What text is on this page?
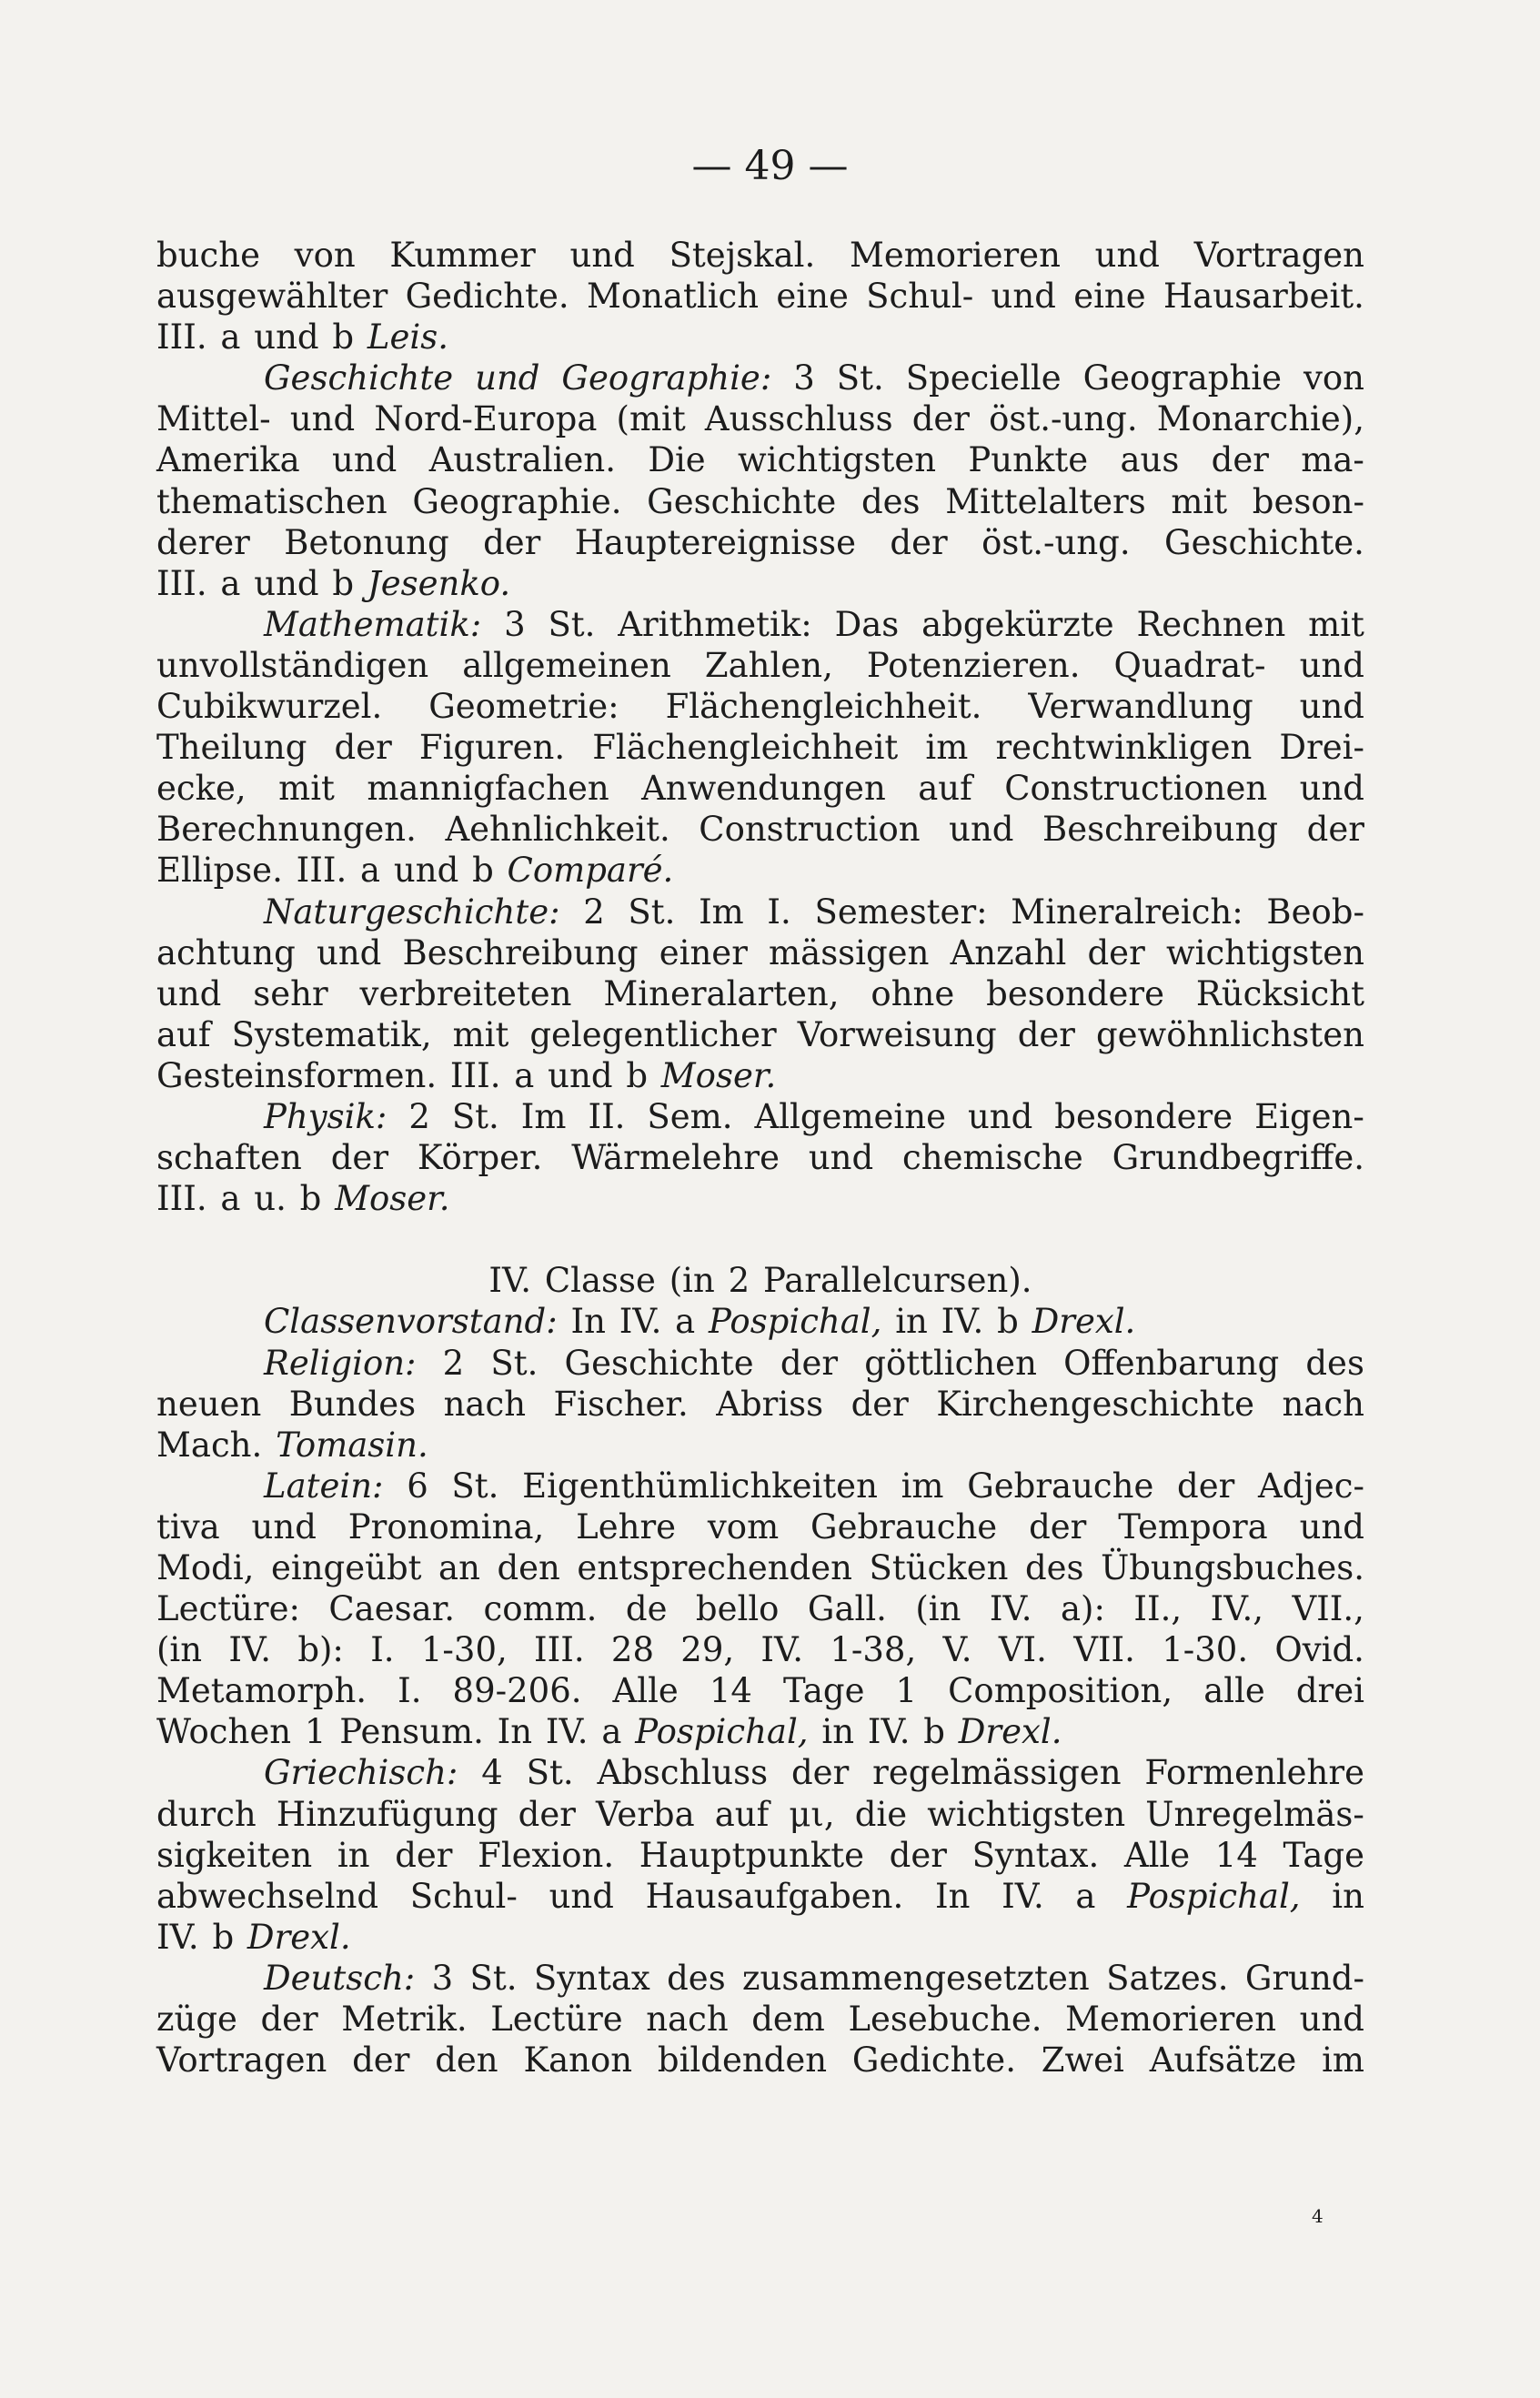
— 49 —
buche von Kummer und Stejskal. Memorieren und Vortragen
ausgewählter Gedichte. Monatlich eine Schul- und eine Hausarbeit.
III. a und b Leis.
Geschichte und Geographie: 3 St. Specielle Geographie von
Mittel- und Nord-Europa (mit Ausschluss der öst.-ung. Monarchie),
Amerika und Australien. Die wichtigsten Punkte aus der ma-
thematischen Geographie. Geschichte des Mittelalters mit beson-
derer Betonung der Hauptereignisse der öst.-ung. Geschichte.
III. a und b Jesenko.
Mathematik: 3 St. Arithmetik: Das abgekürzte Rechnen mit
unvollständigen allgemeinen Zahlen, Potenzieren. Quadrat- und
Cubikwurzel. Geometrie: Flächengleichheit. Verwandlung und
Theilung der Figuren. Flächengleichheit im rechtwinkligen Drei-
ecke, mit mannigfachen Anwendungen auf Constructionen und
Berechnungen. Aehnlichkeit. Construction und Beschreibung der
Ellipse. III. a und b Comparé.
Naturgeschichte: 2 St. Im I. Semester: Mineralreich: Beob-
achtung und Beschreibung einer mässigen Anzahl der wichtigsten
und sehr verbreiteten Mineralarten, ohne besondere Rücksicht
auf Systematik, mit gelegentlicher Vorweisung der gewöhnlichsten
Gesteinsformen. III. a und b Moser.
Physik: 2 St. Im II. Sem. Allgemeine und besondere Eigen-
schaften der Körper. Wärmelehre und chemische Grundbegriffe.
III. a u. b Moser.
IV. Classe (in 2 Parallelcursen).
Classenvorstand: In IV. a Pospichal, in IV. b Drexl.
Religion: 2 St. Geschichte der göttlichen Offenbarung des
neuen Bundes nach Fischer. Abriss der Kirchengeschichte nach
Mach. Tomasin.
Latein: 6 St. Eigenthümlichkeiten im Gebrauche der Adjec-
tiva und Pronomina, Lehre vom Gebrauche der Tempora und
Modi, eingeübt an den entsprechenden Stücken des Übungsbuches.
Lectüre: Caesar. comm. de bello Gall. (in IV. a): II., IV., VII.,
(in IV. b): I. 1-30, III. 28 29, IV. 1-38, V. VI. VII. 1-30. Ovid.
Metamorph. I. 89-206. Alle 14 Tage 1 Composition, alle drei
Wochen 1 Pensum. In IV. a Pospichal, in IV. b Drexl.
Griechisch: 4 St. Abschluss der regelmässigen Formenlehre
durch Hinzufügung der Verba auf μι, die wichtigsten Unregelmäs-
sigkeiten in der Flexion. Hauptpunkte der Syntax. Alle 14 Tage
abwechselnd Schul- und Hausaufgaben. In IV. a Pospichal, in
IV. b Drexl.
Deutsch: 3 St. Syntax des zusammengesetzten Satzes. Grund-
züge der Metrik. Lectüre nach dem Lesebuche. Memorieren und
Vortragen der den Kanon bildenden Gedichte. Zwei Aufsätze im
4
